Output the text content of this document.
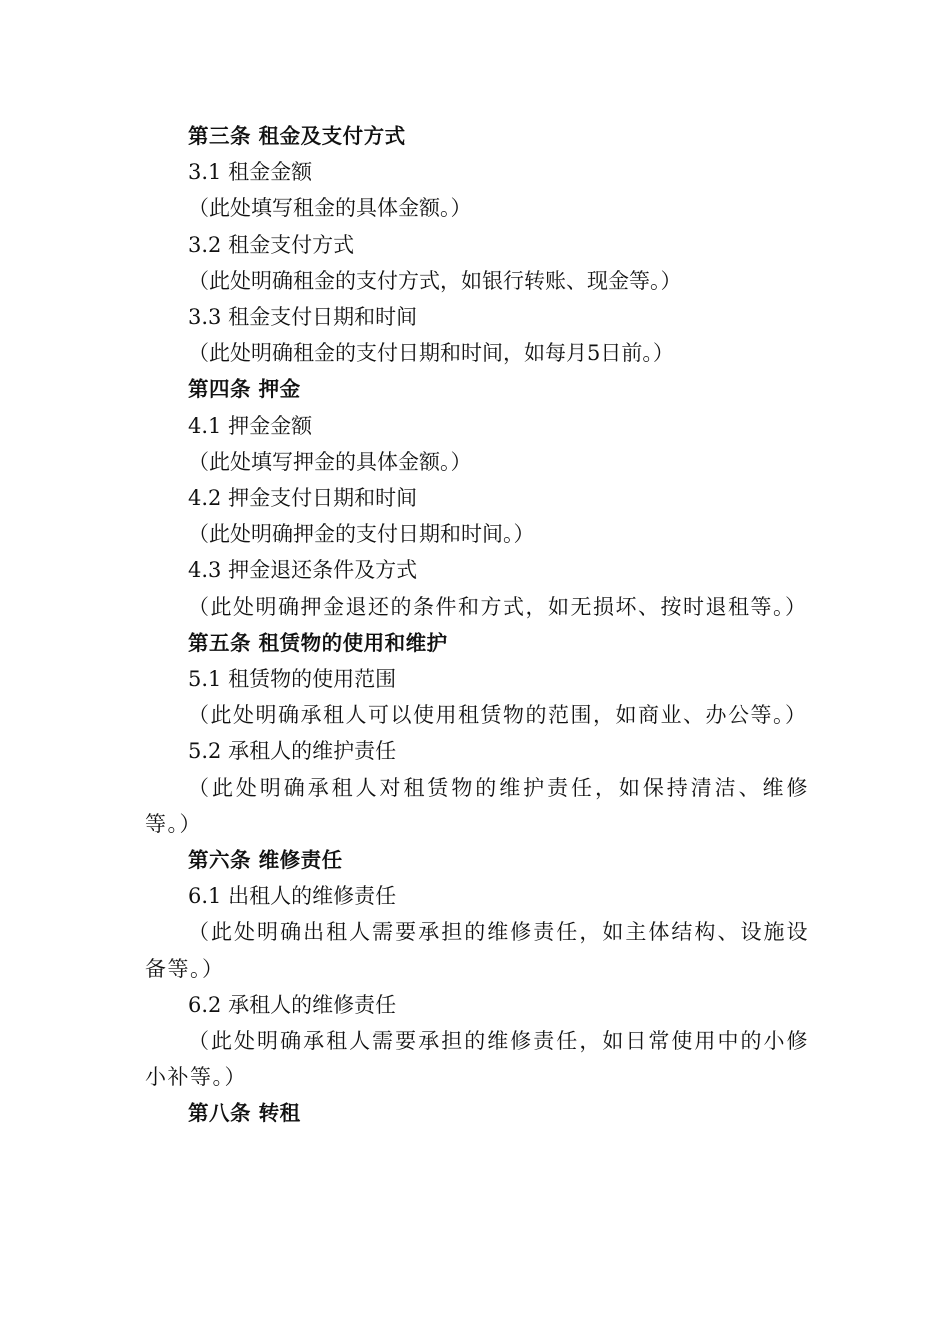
第三条 租金及支付方式

3.1 租金金额

（此处填写租金的具体金额。）

3.2 租金支付方式

（此处明确租金的支付方式，如银行转账、现金等。）

3.3 租金支付日期和时间

（此处明确租金的支付日期和时间，如每月5日前。）

第四条 押金

4.1 押金金额

（此处填写押金的具体金额。）

4.2 押金支付日期和时间

（此处明确押金的支付日期和时间。）

4.3 押金退还条件及方式

（此处明确押金退还的条件和方式，如无损坏、按时退租等。）

第五条 租赁物的使用和维护

5.1 租赁物的使用范围

（此处明确承租人可以使用租赁物的范围，如商业、办公等。）

5.2 承租人的维护责任

（此处明确承租人对租赁物的维护责任，如保持清洁、维修等。）

第六条 维修责任

6.1 出租人的维修责任

（此处明确出租人需要承担的维修责任，如主体结构、设施设备等。）

6.2 承租人的维修责任

（此处明确承租人需要承担的维修责任，如日常使用中的小修小补等。）

第八条 转租
